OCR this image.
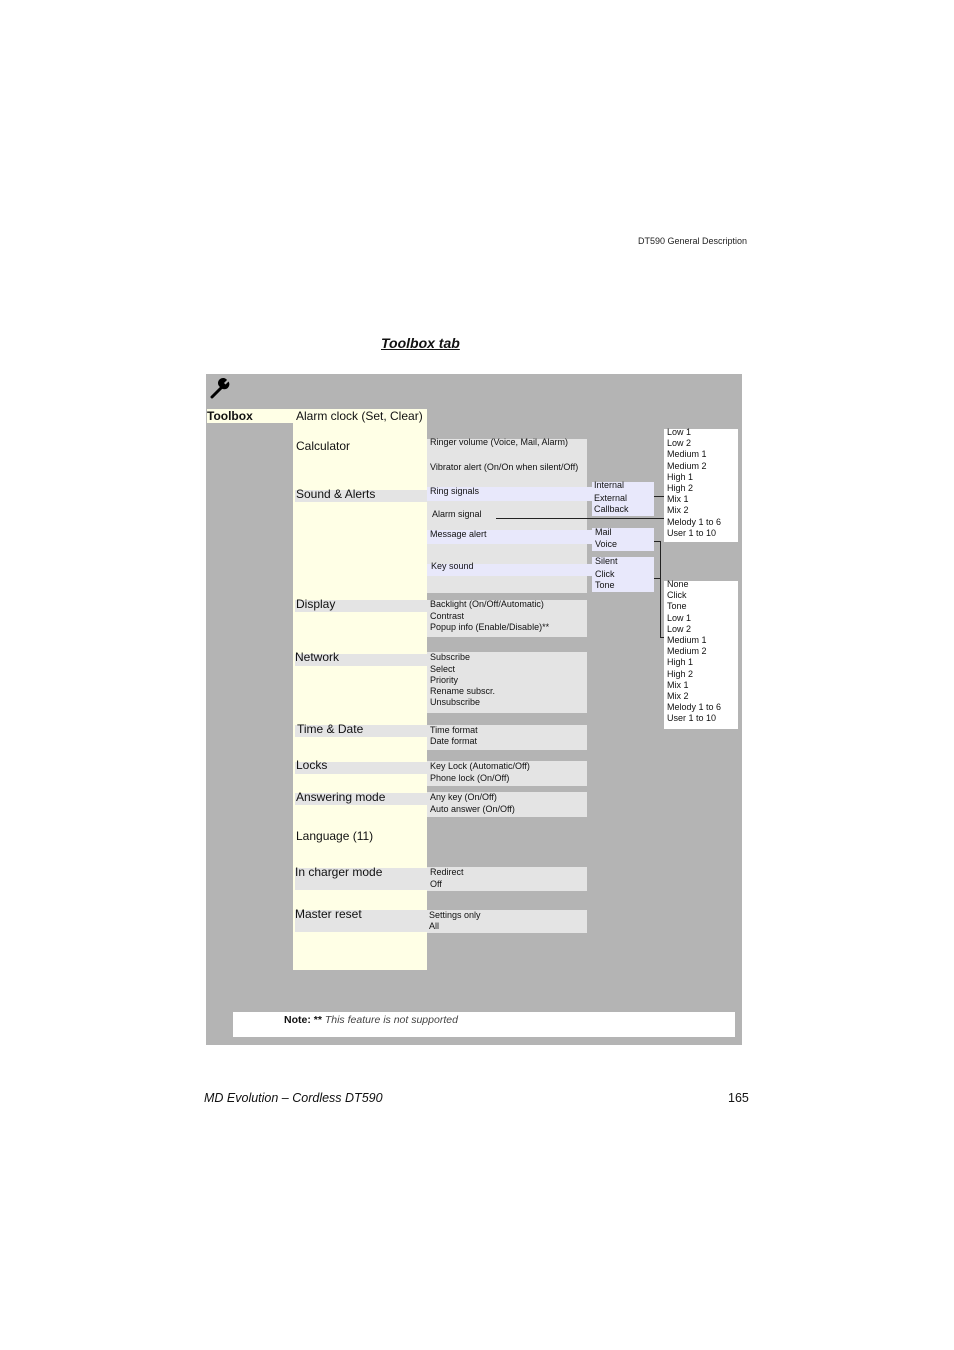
DT590 General Description
Toolbox tab
Toolbox	Alarm clock (Set, Clear)
Calculator
Sound & Alerts
Display
Network
Time & Date
Locks
Answering mode
Language (11)
In charger mode
Master reset
Ringer volume (Voice, Mail, Alarm)
Vibrator alert (On/On when silent/Off)
Ring signals
Alarm signal
Message alert
Key sound
Backlight (On/Off/Automatic)
Contrast
Popup info (Enable/Disable)**
Subscribe
Select
Priority
Rename subscr.
Unsubscribe
Time format
Date format
Key Lock (Automatic/Off)
Phone lock (On/Off)
Any key (On/Off)
Auto answer (On/Off)
Redirect
Off
Settings only
All
Internal
External
Callback
Mail
Voice
Silent
Click
Tone
Low 1
Low 2
Medium 1
Medium 2
High 1
High 2
Mix 1
Mix 2
Melody 1 to 6
User 1 to 10
None
Click
Tone
Low 1
Low 2
Medium 1
Medium 2
High 1
High 2
Mix 1
Mix 2
Melody 1 to 6
User 1 to 10
Note: ** This feature is not supported
MD Evolution – Cordless DT590	165
